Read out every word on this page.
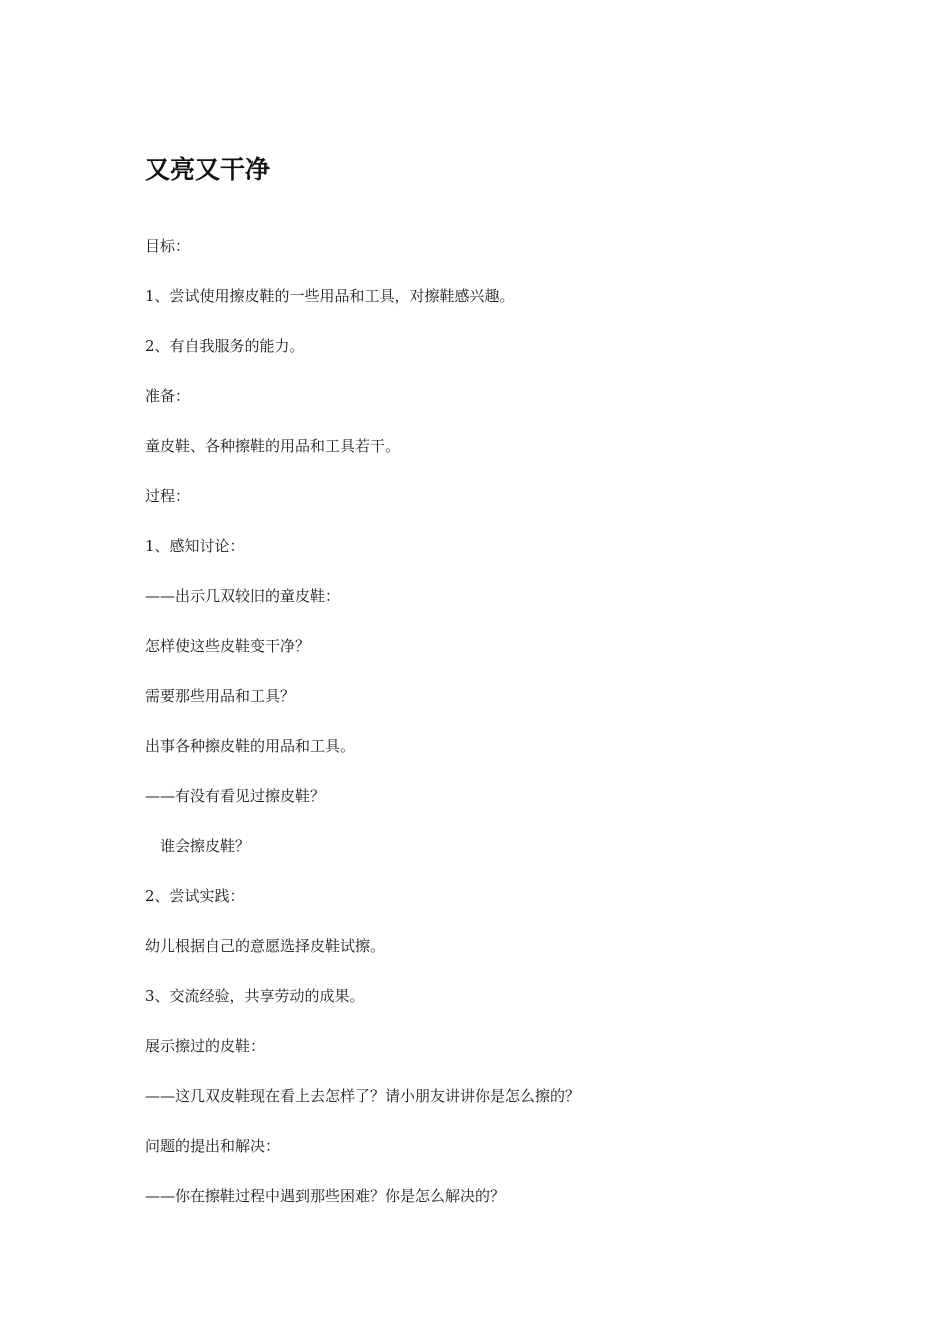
又亮又干净

目标：

1、尝试使用擦皮鞋的一些用品和工具，对擦鞋感兴趣。

2、有自我服务的能力。

准备：

童皮鞋、各种擦鞋的用品和工具若干。

过程：

1、感知讨论：

——出示几双较旧的童皮鞋：

怎样使这些皮鞋变干净？

需要那些用品和工具？

出事各种擦皮鞋的用品和工具。

——有没有看见过擦皮鞋？

谁会擦皮鞋？

2、尝试实践：

幼儿根据自己的意愿选择皮鞋试擦。

3、交流经验，共享劳动的成果。

展示擦过的皮鞋：

——这几双皮鞋现在看上去怎样了？请小朋友讲讲你是怎么擦的？

问题的提出和解决：

——你在擦鞋过程中遇到那些困难？你是怎么解决的？
